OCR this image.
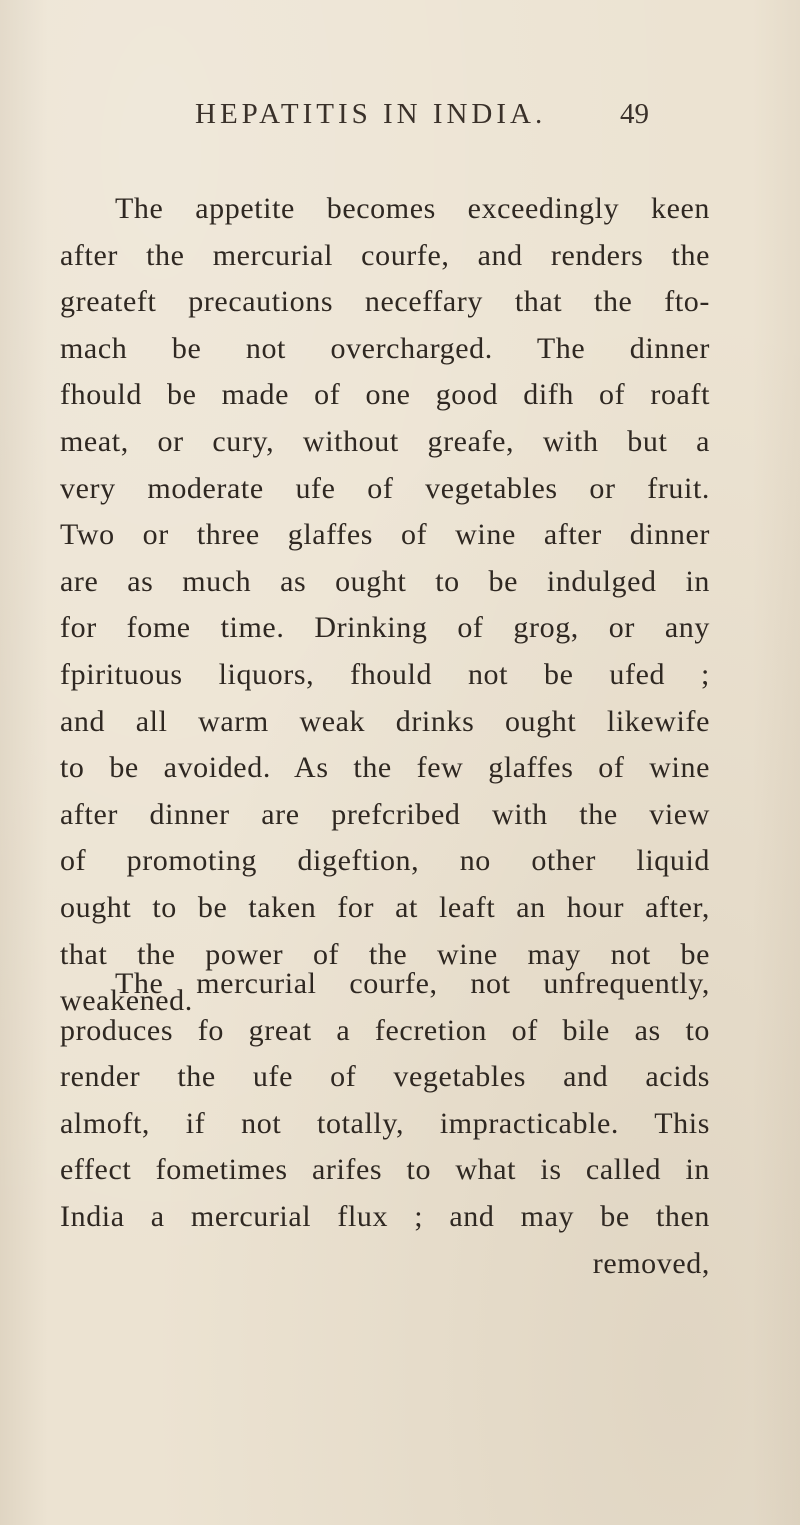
HEPATITIS IN INDIA.	49
The appetite becomes exceedingly keen
after the mercurial courfe, and renders the
greateft precautions neceffary that the fto-
mach be not overcharged. The dinner
fhould be made of one good difh of roaft
meat, or cury, without greafe, with but a
very moderate ufe of vegetables or fruit.
Two or three glaffes of wine after dinner
are as much as ought to be indulged in
for fome time. Drinking of grog, or any
fpirituous liquors, fhould not be ufed ;
and all warm weak drinks ought likewife
to be avoided. As the few glaffes of wine
after dinner are prefcribed with the view
of promoting digeftion, no other liquid
ought to be taken for at leaft an hour after,
that the power of the wine may not be
weakened.
The mercurial courfe, not unfrequently,
produces fo great a fecretion of bile as to
render the ufe of vegetables and acids
almoft, if not totally, impracticable. This
effect fometimes arifes to what is called in
India a mercurial flux ; and may be then
removed,
